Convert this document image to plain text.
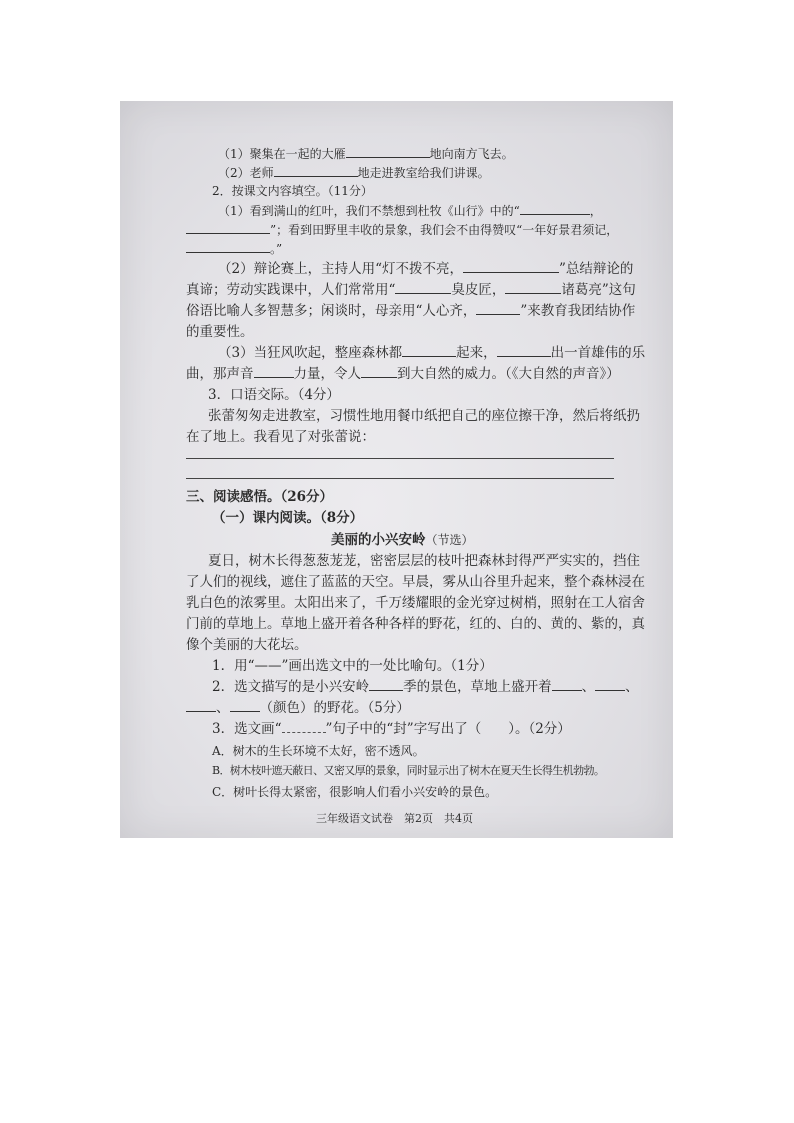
（1）聚集在一起的大雁	地向南方飞去。
（2）老师	地走进教室给我们讲课。
2．按课文内容填空。（11分）
（1）看到满山的红叶，我们不禁想到杜牧《山行》中的“	，
”；看到田野里丰收的景象，我们会不由得赞叹“一年好景君须记，
。”
（2）辩论赛上，主持人用“灯不拨不亮，	”总结辩论的
真谛；劳动实践课中，人们常常用“	臭皮匠，	诸葛亮”这句
俗语比喻人多智慧多；闲谈时，母亲用“人心齐，	”来教育我团结协作
的重要性。
（3）当狂风吹起，整座森林都	起来，	出一首雄伟的乐
曲，那声音	力量，令人	到大自然的威力。（《大自然的声音》）
3．口语交际。（4分）
张蕾匆匆走进教室，习惯性地用餐巾纸把自己的座位擦干净，然后将纸扔
在了地上。我看见了对张蕾说：
三、阅读感悟。（26分）
（一）课内阅读。（8分）
美丽的小兴安岭（节选）
夏日，树木长得葱葱茏茏，密密层层的枝叶把森林封得严严实实的，挡住
了人们的视线，遮住了蓝蓝的天空。早晨，雾从山谷里升起来，整个森林浸在
乳白色的浓雾里。太阳出来了，千万缕耀眼的金光穿过树梢，照射在工人宿舍
门前的草地上。草地上盛开着各种各样的野花，红的、白的、黄的、紫的，真
像个美丽的大花坛。
1．用“——”画出选文中的一处比喻句。（1分）
2．选文描写的是小兴安岭	季的景色，草地上盛开着 、 、
、 （颜色）的野花。（5分）
3．选文画“	”句子中的“封”字写出了（　　）。（2分）
A．树木的生长环境不太好，密不透风。
B．树木枝叶遮天蔽日、又密又厚的景象，同时显示出了树木在夏天生长得生机勃勃。
C．树叶长得太紧密，很影响人们看小兴安岭的景色。
三年级语文试卷　第2页　共4页
